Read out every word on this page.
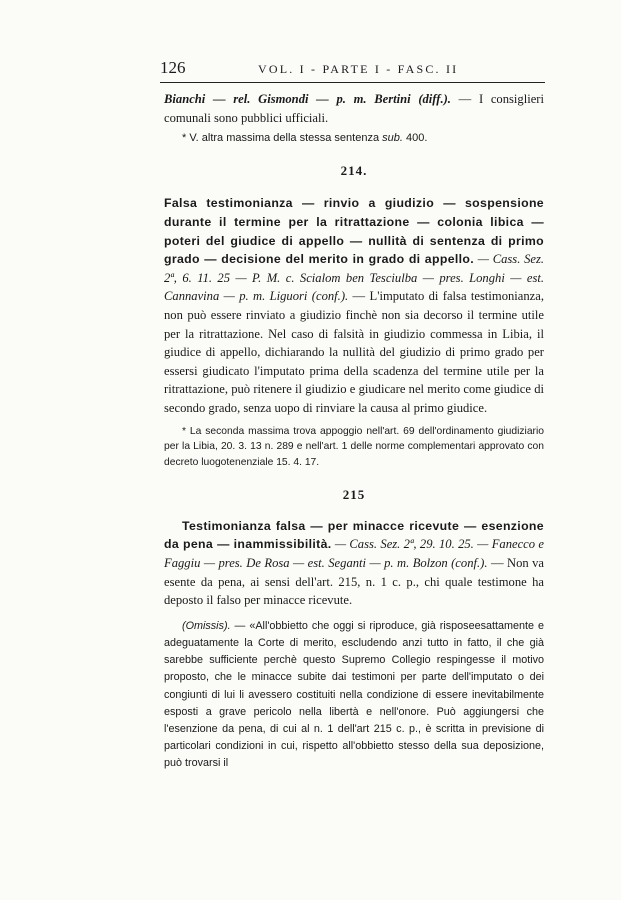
126	VOL. I - PARTE I - FASC. II

Bianchi — rel. Gismondi — p. m. Bertini (diff.). — I consiglieri comunali sono pubblici ufficiali.

* V. altra massima della stessa sentenza sub. 400.

214.

Falsa testimonianza — rinvio a giudizio — sospensione durante il termine per la ritrattazione — colonia libica — poteri del giudice di appello — nullità di sentenza di primo grado — decisione del merito in grado di appello. — Cass. Sez. 2ª, 6. 11. 25 — P. M. c. Scialom ben Tesciulba — pres. Longhi — est. Cannavina — p. m. Liguori (conf.). — L'imputato di falsa testimonianza, non può essere rinviato a giudizio finchè non sia decorso il termine utile per la ritrattazione. Nel caso di falsità in giudizio commessa in Libia, il giudice di appello, dichiarando la nullità del giudizio di primo grado per essersi giudicato l'imputato prima della scadenza del termine utile per la ritrattazione, può ritenere il giudizio e giudicare nel merito come giudice di secondo grado, senza uopo di rinviare la causa al primo giudice.

* La seconda massima trova appoggio nell'art. 69 dell'ordinamento giudiziario per la Libia, 20. 3. 13 n. 289 e nell'art. 1 delle norme complementari approvato con decreto luogotenenziale 15. 4. 17.

215

Testimonianza falsa — per minacce ricevute — esenzione da pena — inammissibilità. — Cass. Sez. 2ª, 29. 10. 25. — Fanecco e Faggiu — pres. De Rosa — est. Seganti — p. m. Bolzon (conf.). — Non va esente da pena, ai sensi dell'art. 215, n. 1 c. p., chi quale testimone ha deposto il falso per minacce ricevute.

(Omissis). — «All'obbietto che oggi si riproduce, già risposeesattamente e adeguatamente la Corte di merito, escludendo anzi tutto in fatto, il che già sarebbe sufficiente perchè questo Supremo Collegio respingesse il motivo proposto, che le minacce subite dai testimoni per parte dell'imputato o dei congiunti di lui li avessero costituiti nella condizione di essere inevitabilmente esposti a grave pericolo nella libertà e nell'onore. Può aggiungersi che l'esenzione da pena, di cui al n. 1 dell'art 215 c. p., è scritta in previsione di particolari condizioni in cui, rispetto all'obbietto stesso della sua deposizione, può trovarsi il
